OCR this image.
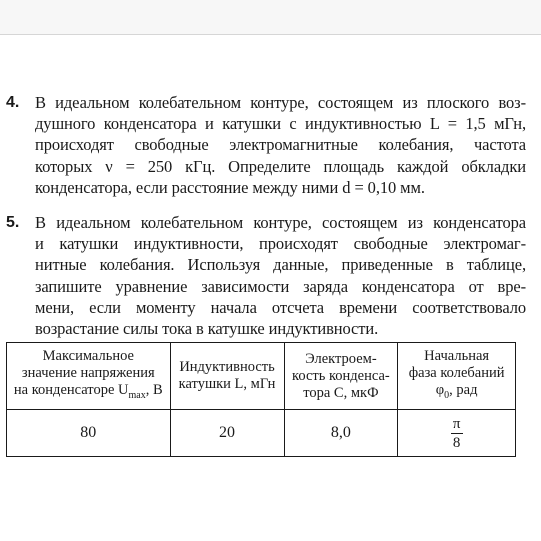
4. В идеальном колебательном контуре, состоящем из плоского воз-
душного конденсатора и катушки с индуктивностью L = 1,5 мГн,
происходят свободные электромагнитные колебания, частота
которых ν = 250 кГц. Определите площадь каждой обкладки
конденсатора, если расстояние между ними d = 0,10 мм.
5. В идеальном колебательном контуре, состоящем из конденсатора
и катушки индуктивности, происходят свободные электромаг-
нитные колебания. Используя данные, приведенные в таблице,
запишите уравнение зависимости заряда конденсатора от вре-
мени, если моменту начала отсчета времени соответствовало
возрастание силы тока в катушке индуктивности.
Максимальное
значение напряжения
на конденсаторе $U_{max}$, В	Индуктивность
катушки L, мГн	Электроем-
кость конденса-
тора C, мкФ	Начальная
фаза колебаний
$\varphi_0$, рад
80	20	8,0	$\frac{\pi}{8}$
